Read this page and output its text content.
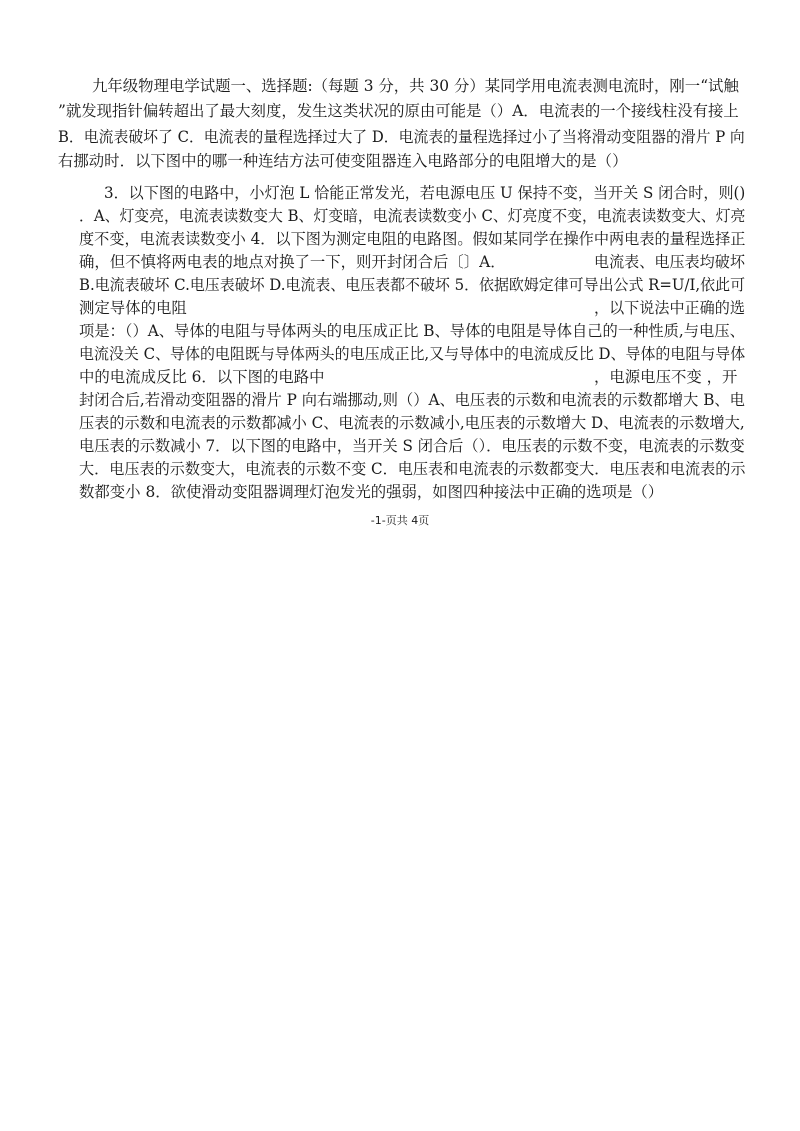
九年级物理电学试题一、选择题:（每题 3 分，共 30 分）某同学用电流表测电流时，刚一“试触
”就发现指针偏转超出了最大刻度，发生这类状况的原由可能是（）A．电流表的一个接线柱没有接上
B．电流表破坏了 C．电流表的量程选择过大了 D．电流表的量程选择过小了当将滑动变阻器的滑片 P 向
右挪动时．以下图中的哪一种连结方法可使变阻器连入电路部分的电阻增大的是（）
3．以下图的电路中，小灯泡 L 恰能正常发光，若电源电压 U 保持不变，当开关 S 闭合时，则()
．A、灯变亮，电流表读数变大 B、灯变暗，电流表读数变小 C、灯亮度不变，电流表读数变大、灯亮
度不变，电流表读数变小 4．以下图为测定电阻的电路图。假如某同学在操作中两电表的量程选择正
确，但不慎将两电表的地点对换了一下，则开封闭合后〔〕A．	电流表、电压表均破坏
B.电流表破坏 C.电压表破坏 D.电流表、电压表都不破坏 5．依据欧姆定律可导出公式 R=U/I,依此可
测定导体的电阻	，以下说法中正确的选
项是：（）A、导体的电阻与导体两头的电压成正比 B、导体的电阻是导体自己的一种性质,与电压、
电流没关 C、导体的电阻既与导体两头的电压成正比,又与导体中的电流成反比 D、导体的电阻与导体
中的电流成反比 6．以下图的电路中	，电源电压不变 ，开
封闭合后,若滑动变阻器的滑片 P 向右端挪动,则（）A、电压表的示数和电流表的示数都增大 B、电
压表的示数和电流表的示数都减小 C、电流表的示数减小,电压表的示数增大 D、电流表的示数增大,
电压表的示数减小 7．以下图的电路中，当开关 S 闭合后（）．电压表的示数不变，电流表的示数变
大．电压表的示数变大，电流表的示数不变 C．电压表和电流表的示数都变大．电压表和电流表的示
数都变小 8．欲使滑动变阻器调理灯泡发光的强弱，如图四种接法中正确的选项是（）
-1-页共 4页
